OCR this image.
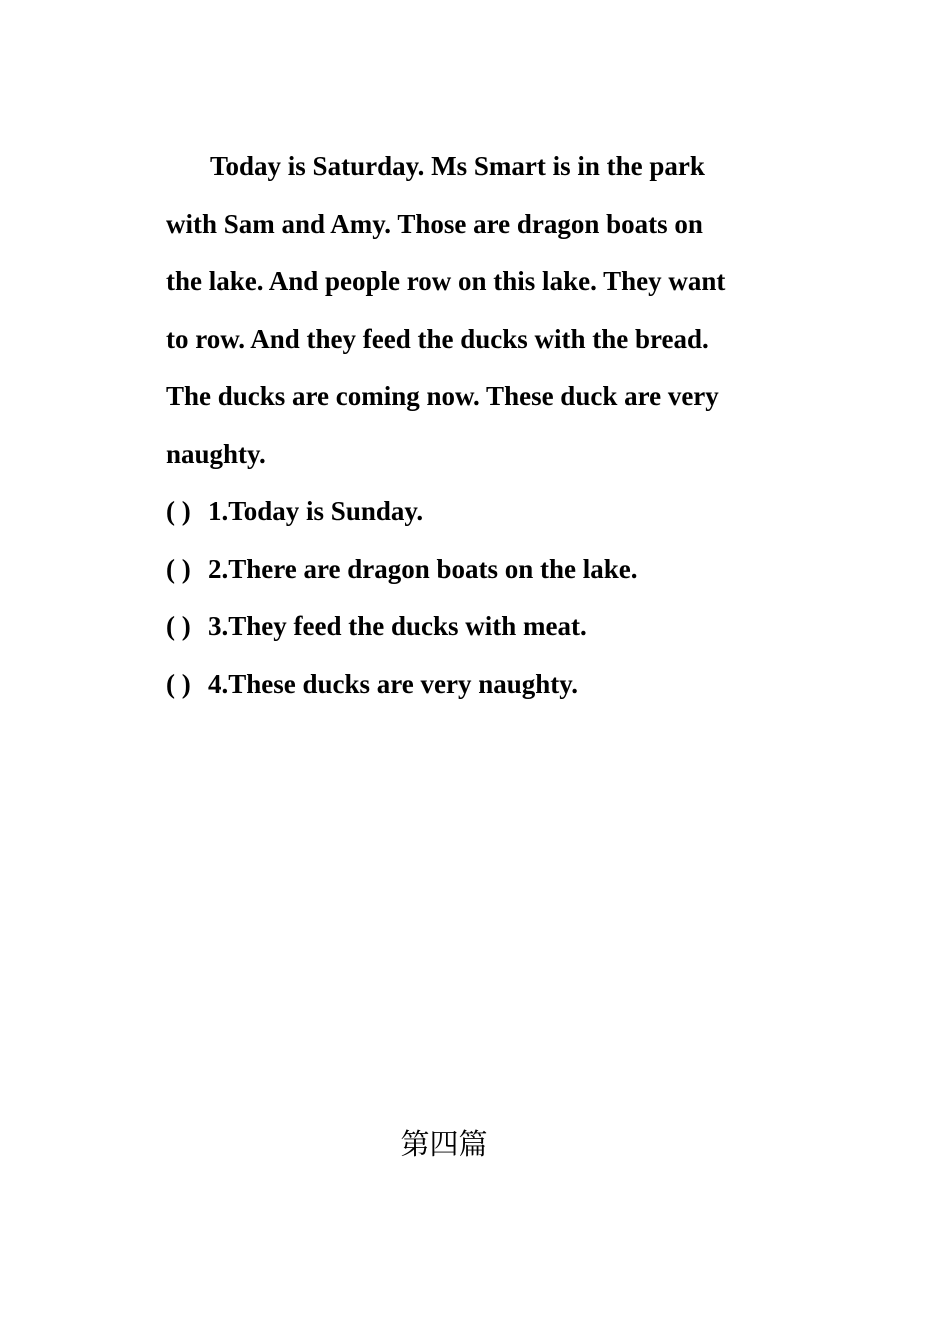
Today is Saturday. Ms Smart is in the park
with Sam and Amy. Those are dragon boats on
the lake. And people row on this lake. They want
to row. And they feed the ducks with the bread.
The ducks are coming now. These duck are very
naughty.
( ) 1.Today is Sunday.
( ) 2.There are dragon boats on the lake.
( ) 3.They feed the ducks with meat.
( ) 4.These ducks are very naughty.
第四篇
